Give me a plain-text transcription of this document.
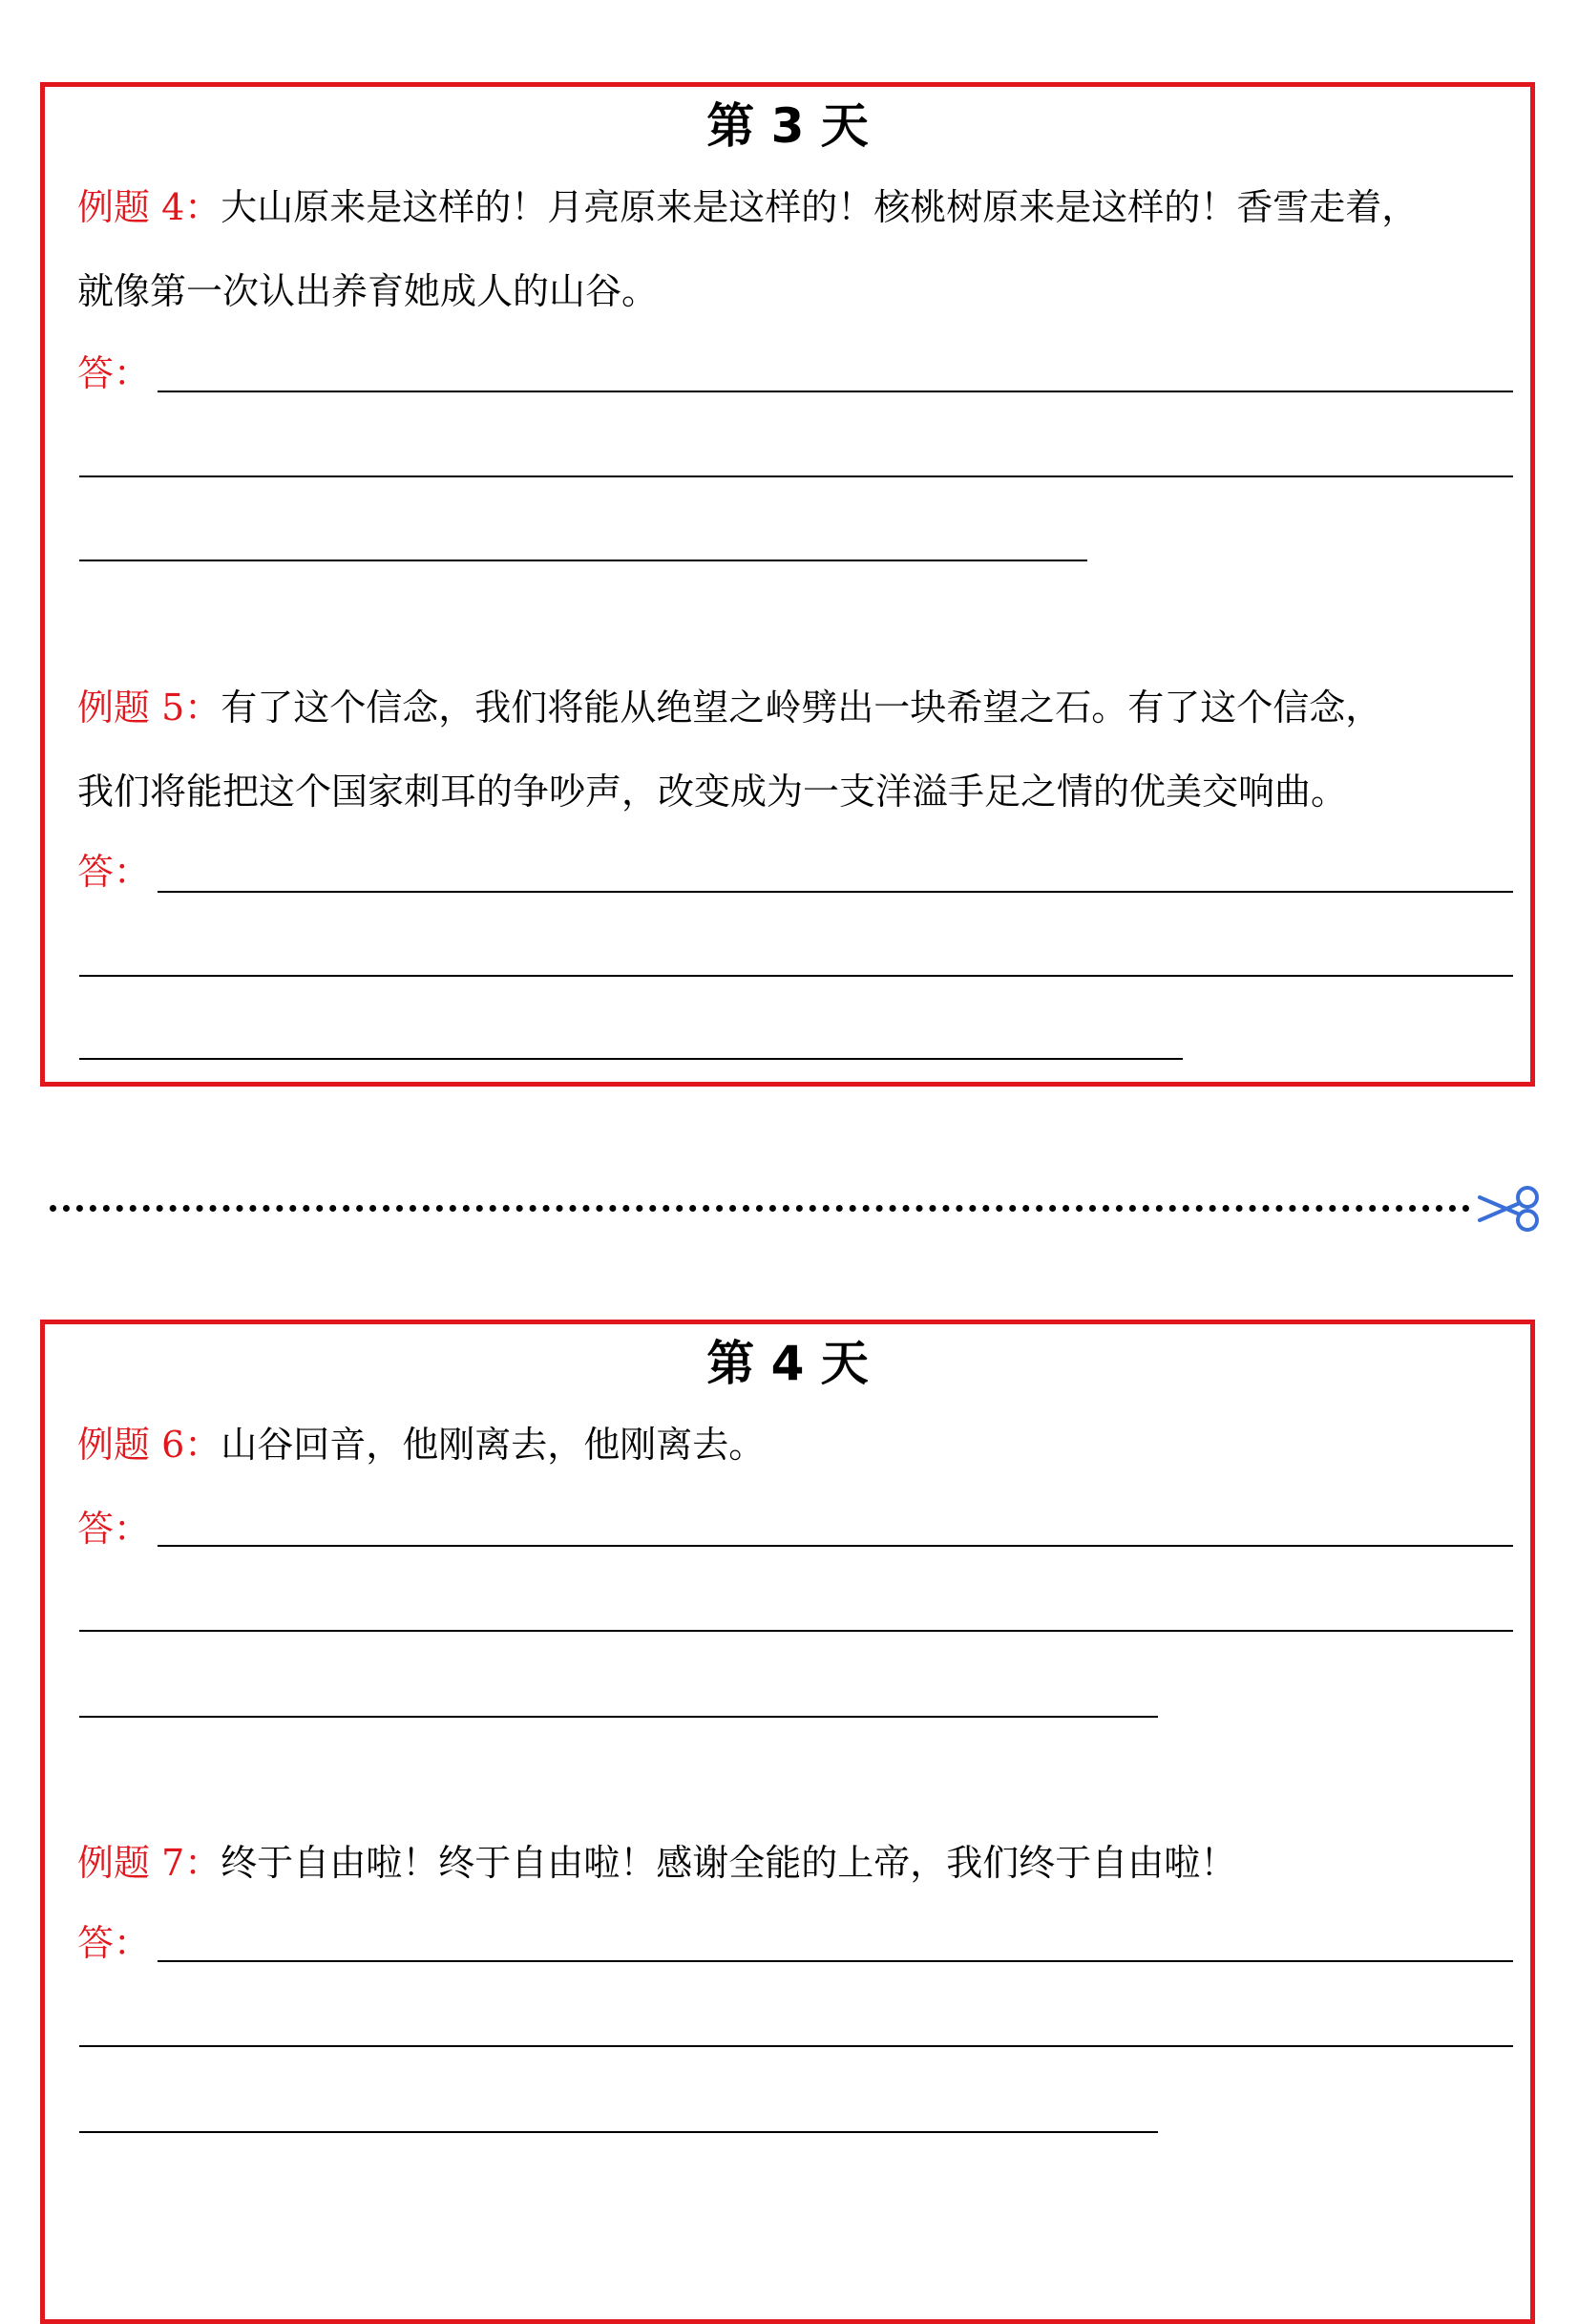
第 3 天
例题 4：大山原来是这样的！月亮原来是这样的！核桃树原来是这样的！香雪走着，
就像第一次认出养育她成人的山谷。
答：
例题 5：有了这个信念，我们将能从绝望之岭劈出一块希望之石。有了这个信念，
我们将能把这个国家刺耳的争吵声，改变成为一支洋溢手足之情的优美交响曲。
答：
第 4 天
例题 6：山谷回音，他刚离去，他刚离去。
答：
例题 7：终于自由啦！终于自由啦！感谢全能的上帝，我们终于自由啦！
答：
